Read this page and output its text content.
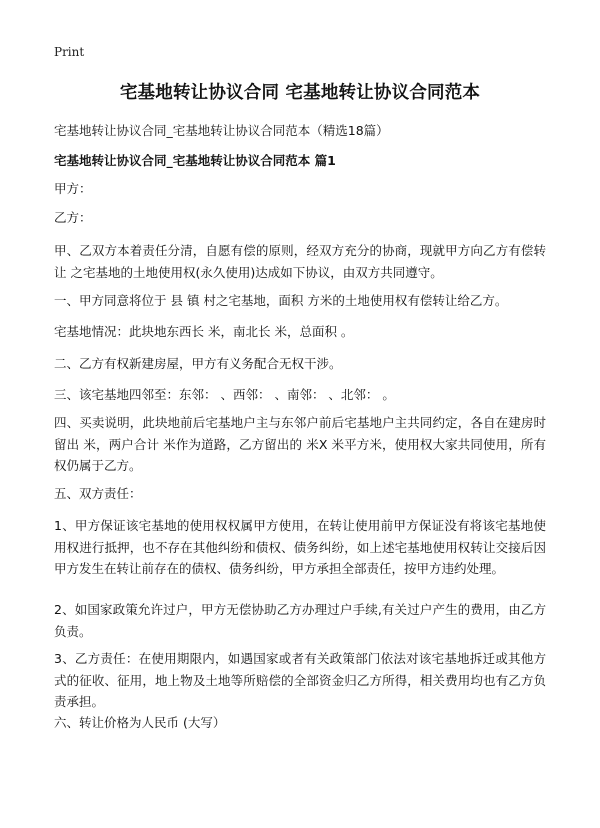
Print
宅基地转让协议合同 宅基地转让协议合同范本

宅基地转让协议合同_宅基地转让协议合同范本（精选18篇）

宅基地转让协议合同_宅基地转让协议合同范本 篇1

甲方：

乙方：

甲、乙双方本着责任分清，自愿有偿的原则，经双方充分的协商，现就甲方向乙方有偿转让 之宅基地的土地使用权(永久使用)达成如下协议，由双方共同遵守。

一、甲方同意将位于 县 镇 村之宅基地，面积 方米的土地使用权有偿转让给乙方。

宅基地情况：此块地东西长 米，南北长 米，总面积 。

二、乙方有权新建房屋，甲方有义务配合无权干涉。

三、该宅基地四邻至：东邻： 、西邻： 、南邻： 、北邻： 。

四、买卖说明，此块地前后宅基地户主与东邻户前后宅基地户主共同约定，各自在建房时留出 米，两户合计 米作为道路，乙方留出的 米X 米平方米，使用权大家共同使用，所有权仍属于乙方。

五、双方责任：

1、甲方保证该宅基地的使用权权属甲方使用，在转让使用前甲方保证没有将该宅基地使用权进行抵押，也不存在其他纠纷和债权、债务纠纷，如上述宅基地使用权转让交接后因甲方发生在转让前存在的债权、债务纠纷，甲方承担全部责任，按甲方违约处理。

2、如国家政策允许过户，甲方无偿协助乙方办理过户手续,有关过户产生的费用，由乙方负责。

3、乙方责任：在使用期限内，如遇国家或者有关政策部门依法对该宅基地拆迁或其他方式的征收、征用，地上物及土地等所赔偿的全部资金归乙方所得，相关费用均也有乙方负责承担。

六、转让价格为人民币 (大写）
